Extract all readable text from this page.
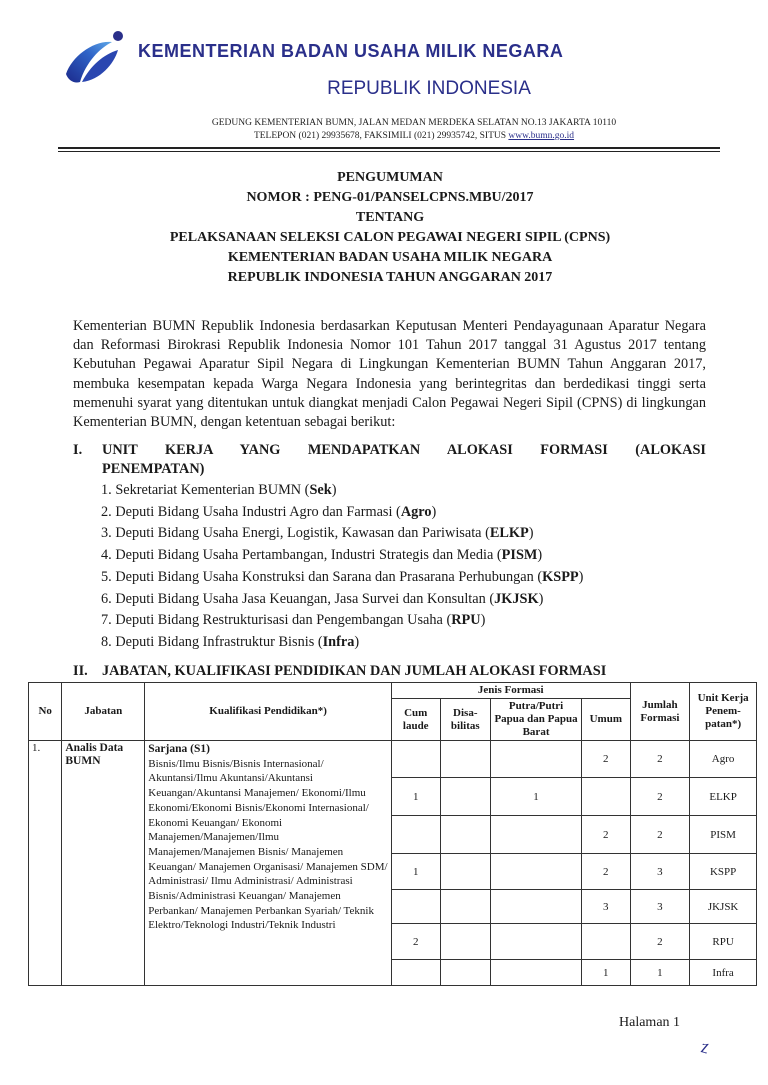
KEMENTERIAN BADAN USAHA MILIK NEGARA
REPUBLIK INDONESIA
GEDUNG KEMENTERIAN BUMN, JALAN MEDAN MERDEKA SELATAN NO.13 JAKARTA 10110
TELEPON (021) 29935678, FAKSIMILI (021) 29935742, SITUS www.bumn.go.id
PENGUMUMAN
NOMOR : PENG-01/PANSELCPNS.MBU/2017
TENTANG
PELAKSANAAN SELEKSI CALON PEGAWAI NEGERI SIPIL (CPNS)
KEMENTERIAN BADAN USAHA MILIK NEGARA
REPUBLIK INDONESIA TAHUN ANGGARAN 2017
Kementerian BUMN Republik Indonesia berdasarkan Keputusan Menteri Pendayagunaan Aparatur Negara dan Reformasi Birokrasi Republik Indonesia Nomor 101 Tahun 2017 tanggal 31 Agustus 2017 tentang Kebutuhan Pegawai Aparatur Sipil Negara di Lingkungan Kementerian BUMN Tahun Anggaran 2017, membuka kesempatan kepada Warga Negara Indonesia yang berintegritas dan berdedikasi tinggi serta memenuhi syarat yang ditentukan untuk diangkat menjadi Calon Pegawai Negeri Sipil (CPNS) di lingkungan Kementerian BUMN, dengan ketentuan sebagai berikut:
I. UNIT KERJA YANG MENDAPATKAN ALOKASI FORMASI (ALOKASI
PENEMPATAN)
1. Sekretariat Kementerian BUMN (Sek)
2. Deputi Bidang Usaha Industri Agro dan Farmasi (Agro)
3. Deputi Bidang Usaha Energi, Logistik, Kawasan dan Pariwisata (ELKP)
4. Deputi Bidang Usaha Pertambangan, Industri Strategis dan Media (PISM)
5. Deputi Bidang Usaha Konstruksi dan Sarana dan Prasarana Perhubungan (KSPP)
6. Deputi Bidang Usaha Jasa Keuangan, Jasa Survei dan Konsultan (JKJSK)
7. Deputi Bidang Restrukturisasi dan Pengembangan Usaha (RPU)
8. Deputi Bidang Infrastruktur Bisnis (Infra)
II. JABATAN, KUALIFIKASI PENDIDIKAN DAN JUMLAH ALOKASI FORMASI
No	Jabatan	Kualifikasi Pendidikan*)	Jenis Formasi				Jumlah Formasi	Unit Kerja Penem- patan*)
			Cum laude	Disa- bilitas	Putra/Putri Papua dan Papua Barat	Umum		
1.	Analis Data BUMN	Sarjana (S1)
Bisnis/Ilmu Bisnis/Bisnis Internasional/ Akuntansi/Ilmu Akuntansi/Akuntansi Keuangan/Akuntansi Manajemen/ Ekonomi/Ilmu Ekonomi/Ekonomi Bisnis/Ekonomi Internasional/ Ekonomi Keuangan/ Ekonomi Manajemen/Manajemen/Ilmu Manajemen/Manajemen Bisnis/ Manajemen Keuangan/ Manajemen Organisasi/ Manajemen SDM/ Administrasi/ Ilmu Administrasi/ Administrasi Bisnis/Administrasi Keuangan/ Manajemen Perbankan/ Manajemen Perbankan Syariah/ Teknik Elektro/Teknologi Industri/Teknik Industri				2	2	Agro
			1		1		2	ELKP
						2	2	PISM
			1			2	3	KSPP
						3	3	JKJSK
			2				2	RPU
						1	1	Infra
Halaman 1
ⲍ
